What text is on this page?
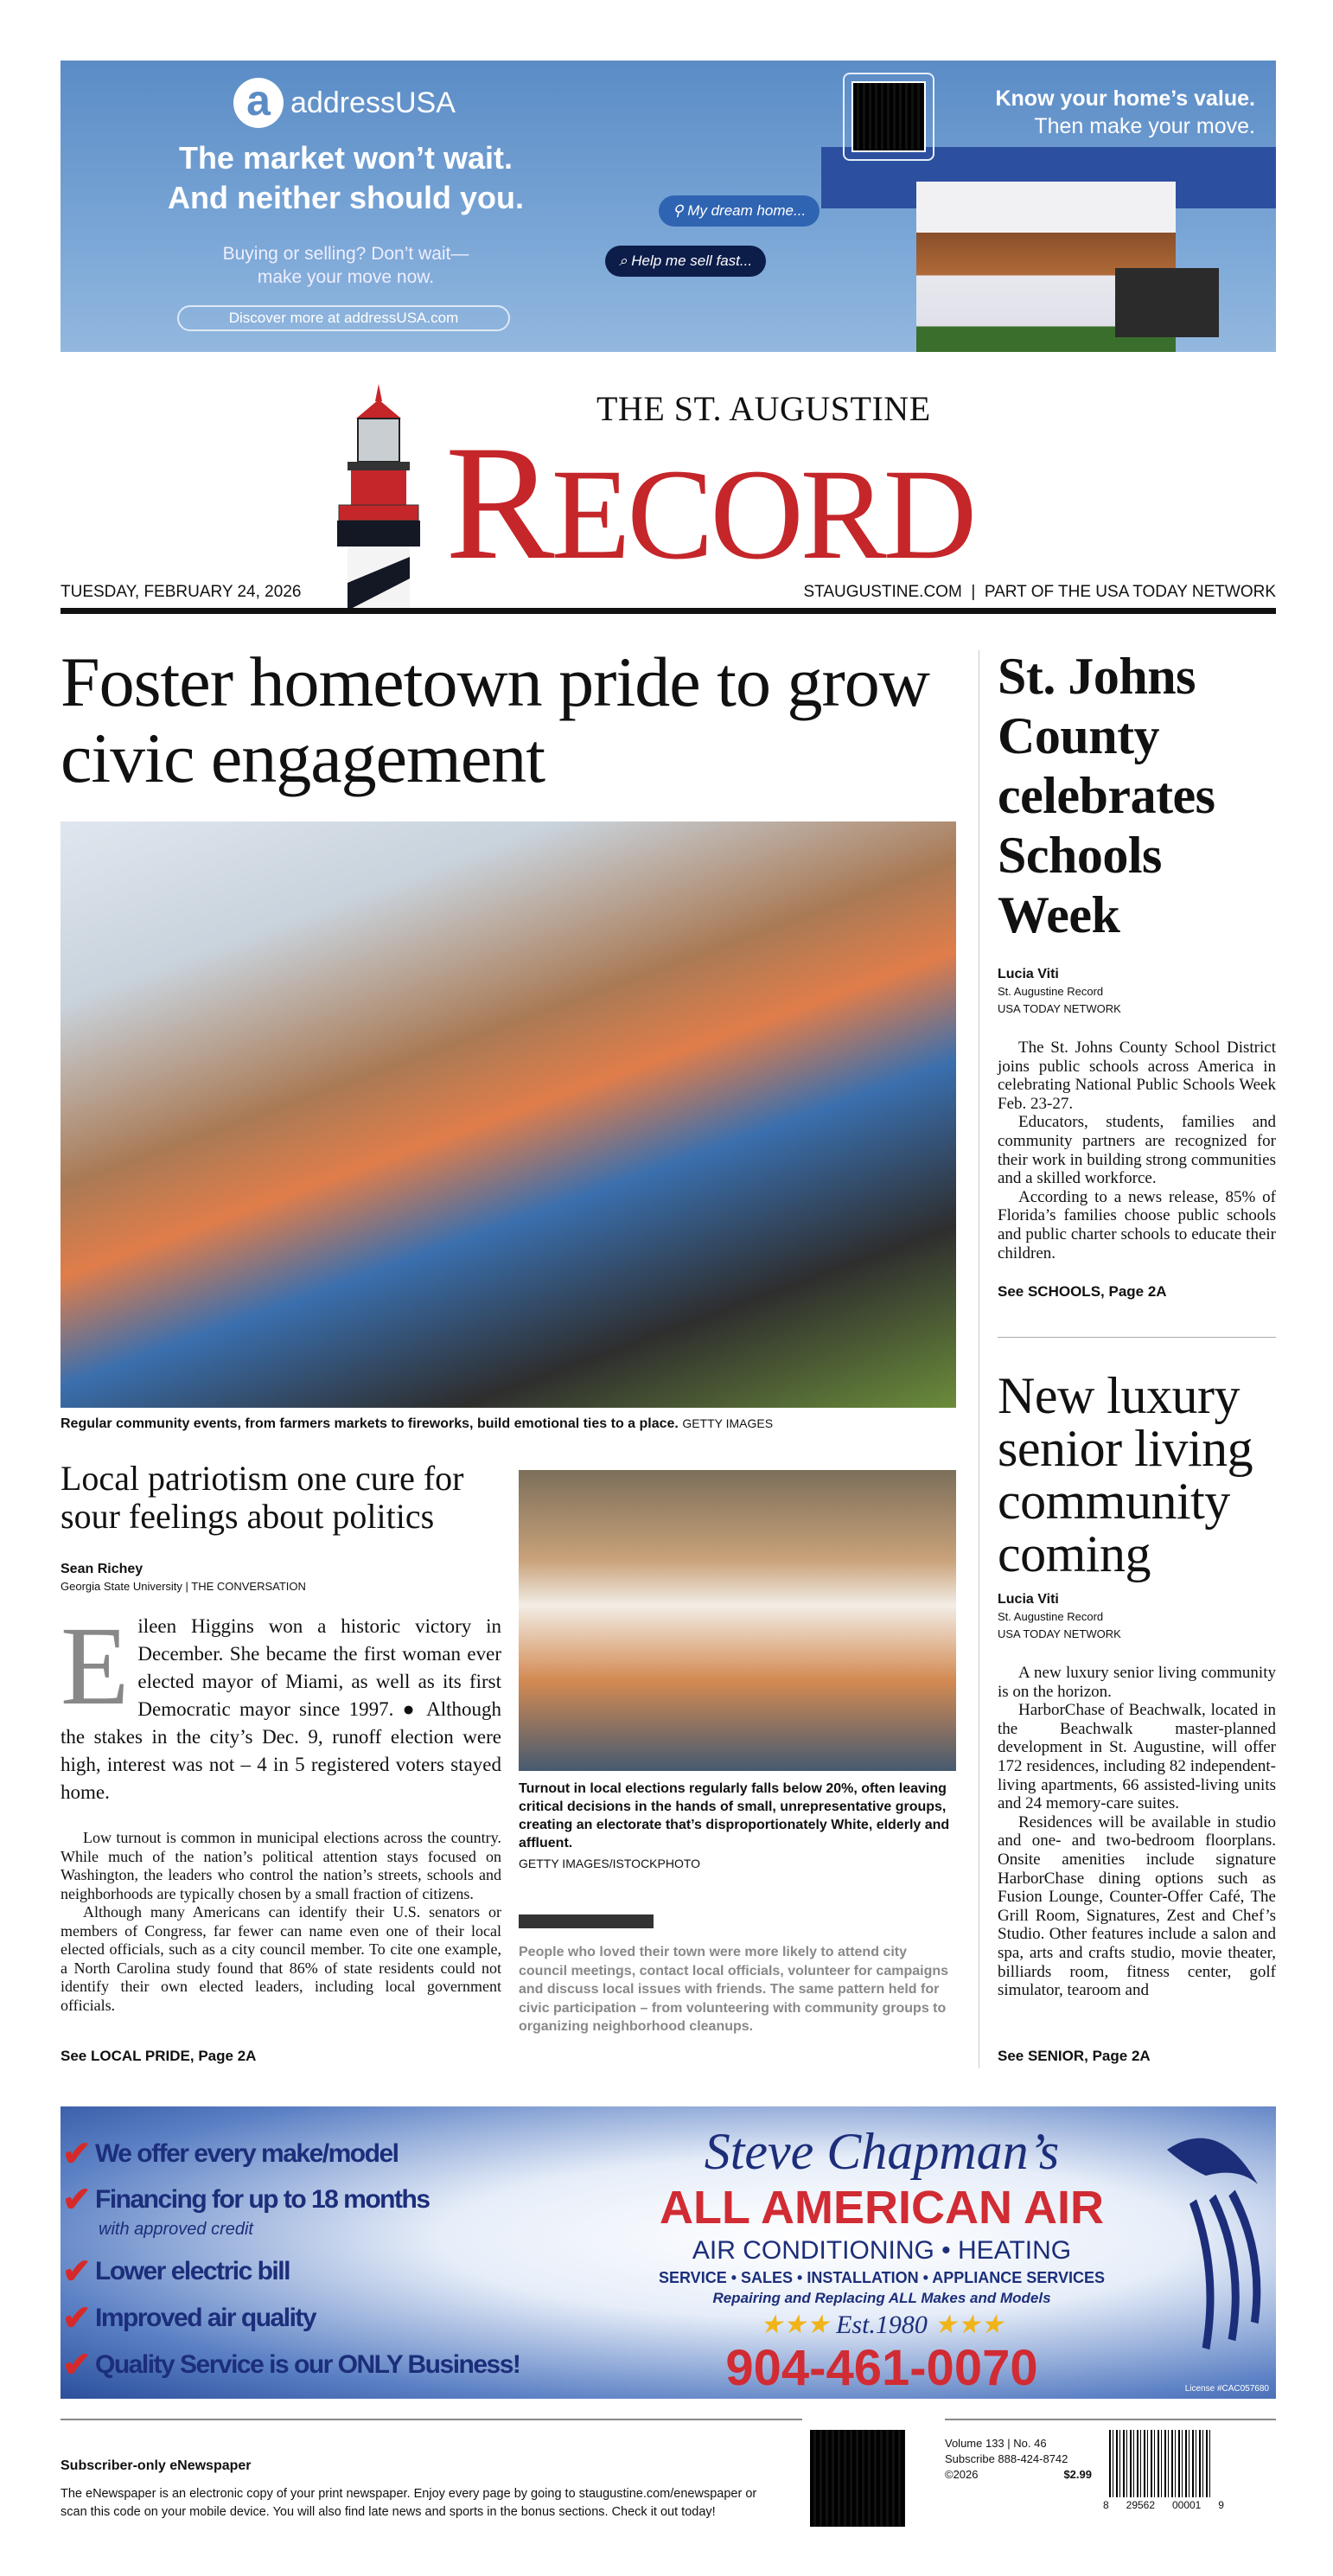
a addressUSA
The market won’t wait.
And neither should you.
Buying or selling? Don’t wait—
make your move now.
Discover more at addressUSA.com
⚲ My dream home...
⌕ Help me sell fast...
Know your home’s value.
Then make your move.
THE ST. AUGUSTINE
RECORD
TUESDAY, FEBRUARY 24, 2026	STAUGUSTINE.COM  |  PART OF THE USA TODAY NETWORK
Foster hometown pride to grow civic engagement
Regular community events, from farmers markets to fireworks, build emotional ties to a place. GETTY IMAGES
Local patriotism one cure for sour feelings about politics
Sean Richey
Georgia State University | THE CONVERSATION
Eileen Higgins won a historic victory in December. She became the first woman ever elected mayor of Miami, as well as its first Democratic mayor since 1997. ● Although the stakes in the city’s Dec. 9, runoff election were high, interest was not – 4 in 5 registered voters stayed home.

Low turnout is common in municipal elections across the country. While much of the nation’s political attention stays focused on Washington, the leaders who control the nation’s streets, schools and neighborhoods are typically chosen by a small fraction of citizens.

Although many Americans can identify their U.S. senators or members of Congress, far fewer can name even one of their local elected officials, such as a city council member. To cite one example, a North Carolina study found that 86% of state residents could not identify their own elected leaders, including local government officials.

See LOCAL PRIDE, Page 2A
Turnout in local elections regularly falls below 20%, often leaving critical decisions in the hands of small, unrepresentative groups, creating an electorate that’s disproportionately White, elderly and affluent.
GETTY IMAGES/ISTOCKPHOTO
People who loved their town were more likely to attend city council meetings, contact local officials, volunteer for campaigns and discuss local issues with friends. The same pattern held for civic participation – from volunteering with community groups to organizing neighborhood cleanups.
St. Johns County celebrates Schools Week
Lucia Viti
St. Augustine Record
USA TODAY NETWORK

The St. Johns County School District joins public schools across America in celebrating National Public Schools Week Feb. 23-27.

Educators, students, families and community partners are recognized for their work in building strong communities and a skilled workforce.

According to a news release, 85% of Florida’s families choose public schools and public charter schools to educate their children.

See SCHOOLS, Page 2A
New luxury senior living community coming
Lucia Viti
St. Augustine Record
USA TODAY NETWORK

A new luxury senior living community is on the horizon.

HarborChase of Beachwalk, located in the Beachwalk master-planned development in St. Augustine, will offer 172 residences, including 82 independent-living apartments, 66 assisted-living units and 24 memory-care suites.

Residences will be available in studio and one- and two-bedroom floorplans. Onsite amenities include signature HarborChase dining options such as Fusion Lounge, Counter-Offer Café, The Grill Room, Signatures, Zest and Chef’s Studio. Other features include a salon and spa, arts and crafts studio, movie theater, billiards room, fitness center, golf simulator, tearoom and

See SENIOR, Page 2A
✔ We offer every make/model
✔ Financing for up to 18 months
with approved credit
✔ Lower electric bill
✔ Improved air quality
✔ Quality Service is our ONLY Business!
Steve Chapman’s
ALL AMERICAN AIR
AIR CONDITIONING • HEATING
SERVICE • SALES • INSTALLATION • APPLIANCE SERVICES
Repairing and Replacing ALL Makes and Models
★★★ Est.1980 ★★★
904-461-0070	License #CAC057680
Subscriber-only eNewspaper
The eNewspaper is an electronic copy of your print newspaper. Enjoy every page by going to staugustine.com/enewspaper or scan this code on your mobile device. You will also find late news and sports in the bonus sections. Check it out today!
Volume 133 | No. 46
Subscribe 888-424-8742
©2026	$2.99
8 29562 00001 9
